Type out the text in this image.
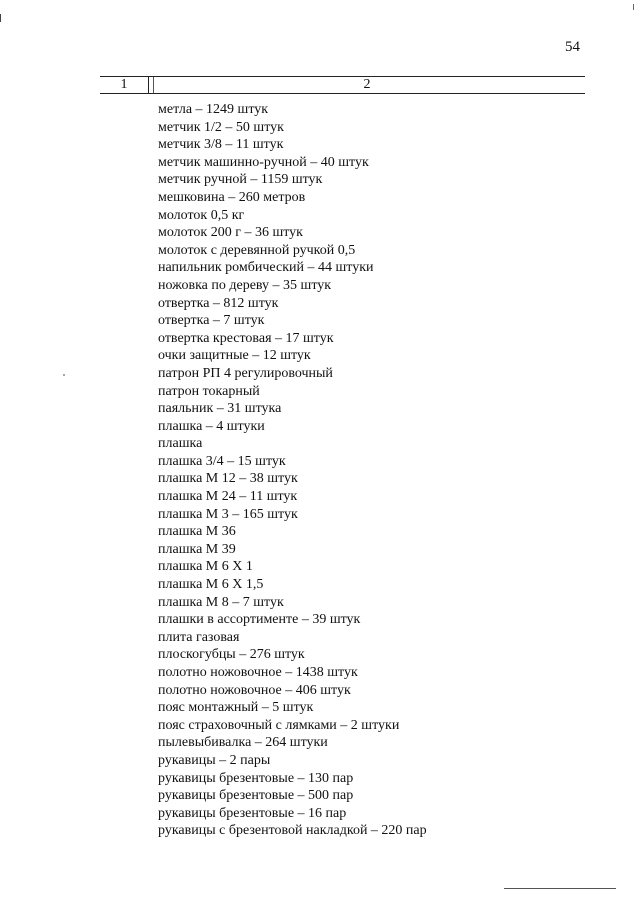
54
1	2
метла – 1249 штук
метчик 1/2 – 50 штук
метчик 3/8 – 11 штук
метчик машинно-ручной – 40 штук
метчик ручной – 1159 штук
мешковина – 260 метров
молоток 0,5 кг
молоток 200 г – 36 штук
молоток с деревянной ручкой 0,5
напильник ромбический – 44 штуки
ножовка по дереву – 35 штук
отвертка – 812 штук
отвертка – 7 штук
отвертка крестовая – 17 штук
очки защитные – 12 штук
патрон РП 4 регулировочный
патрон токарный
паяльник – 31 штука
плашка – 4 штуки
плашка
плашка 3/4 – 15 штук
плашка М 12 – 38 штук
плашка М 24 – 11 штук
плашка М 3 – 165 штук
плашка М 36
плашка М 39
плашка М 6 Х 1
плашка М 6 Х 1,5
плашка М 8 – 7 штук
плашки в ассортименте – 39 штук
плита газовая
плоскогубцы – 276 штук
полотно ножовочное – 1438 штук
полотно ножовочное – 406 штук
пояс монтажный – 5 штук
пояс страховочный с лямками – 2 штуки
пылевыбивалка – 264 штуки
рукавицы – 2 пары
рукавицы брезентовые – 130 пар
рукавицы брезентовые – 500 пар
рукавицы брезентовые – 16 пар
рукавицы с брезентовой накладкой – 220 пар
